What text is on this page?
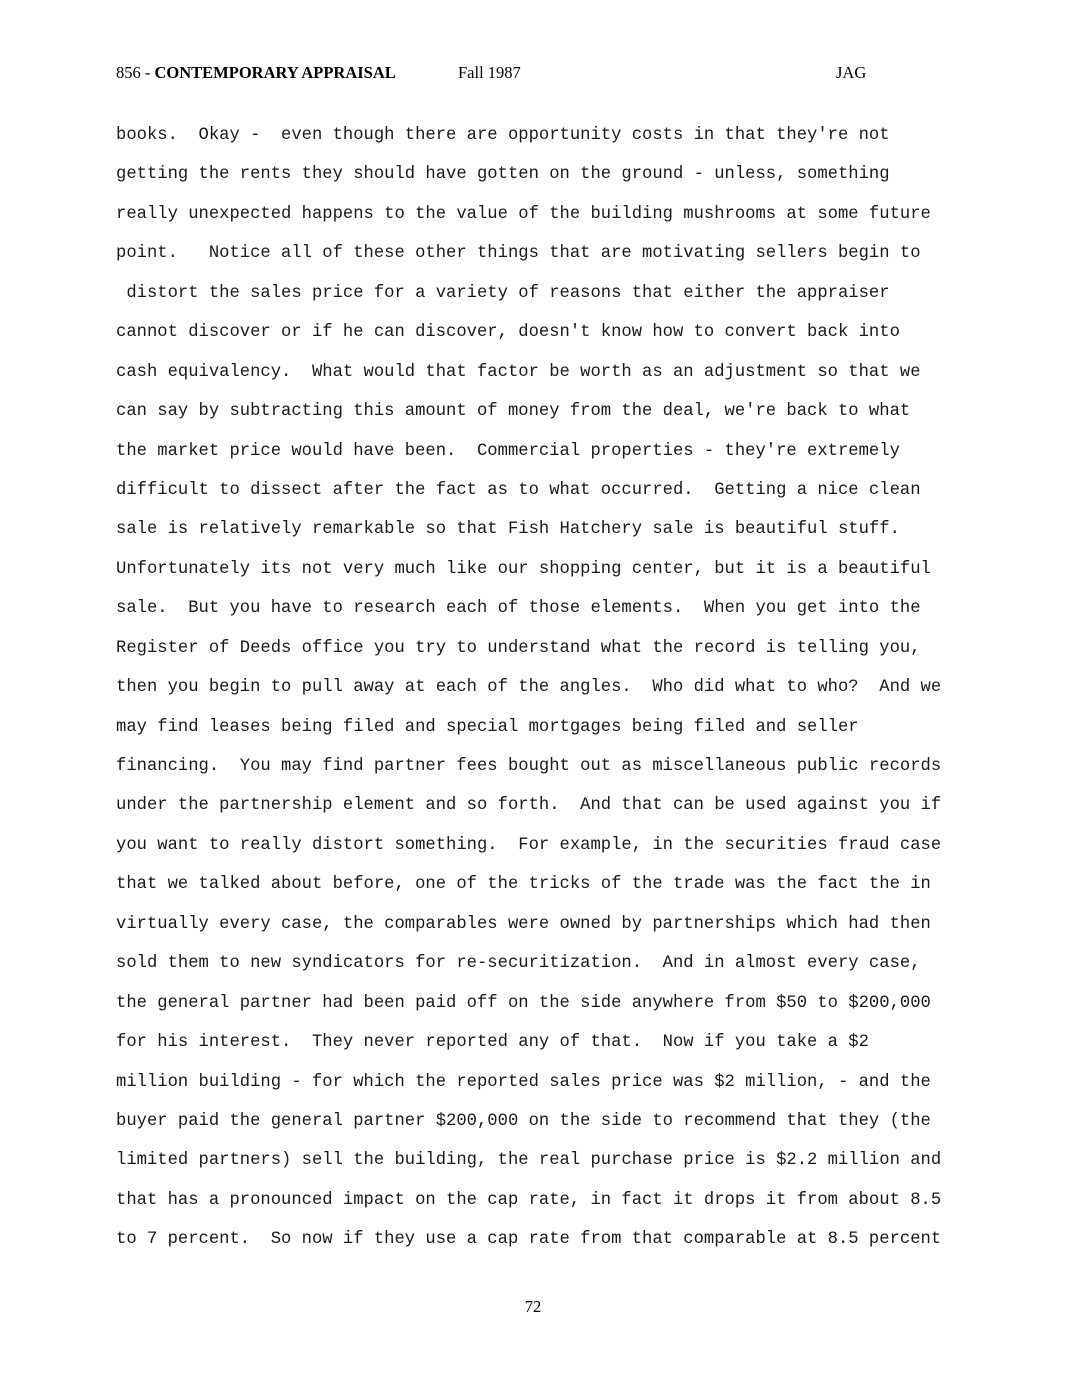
856 - CONTEMPORARY APPRAISAL	Fall 1987	JAG
books.  Okay -  even though there are opportunity costs in that they're not
getting the rents they should have gotten on the ground - unless, something
really unexpected happens to the value of the building mushrooms at some future
point.   Notice all of these other things that are motivating sellers begin to
distort the sales price for a variety of reasons that either the appraiser
cannot discover or if he can discover, doesn't know how to convert back into
cash equivalency.  What would that factor be worth as an adjustment so that we
can say by subtracting this amount of money from the deal, we're back to what
the market price would have been.  Commercial properties - they're extremely
difficult to dissect after the fact as to what occurred.  Getting a nice clean
sale is relatively remarkable so that Fish Hatchery sale is beautiful stuff.
Unfortunately its not very much like our shopping center, but it is a beautiful
sale.  But you have to research each of those elements.  When you get into the
Register of Deeds office you try to understand what the record is telling you,
then you begin to pull away at each of the angles.  Who did what to who?  And we
may find leases being filed and special mortgages being filed and seller
financing.  You may find partner fees bought out as miscellaneous public records
under the partnership element and so forth.  And that can be used against you if
you want to really distort something.  For example, in the securities fraud case
that we talked about before, one of the tricks of the trade was the fact the in
virtually every case, the comparables were owned by partnerships which had then
sold them to new syndicators for re-securitization.  And in almost every case,
the general partner had been paid off on the side anywhere from $50 to $200,000
for his interest.  They never reported any of that.  Now if you take a $2
million building - for which the reported sales price was $2 million, - and the
buyer paid the general partner $200,000 on the side to recommend that they (the
limited partners) sell the building, the real purchase price is $2.2 million and
that has a pronounced impact on the cap rate, in fact it drops it from about 8.5
to 7 percent.  So now if they use a cap rate from that comparable at 8.5 percent
72
